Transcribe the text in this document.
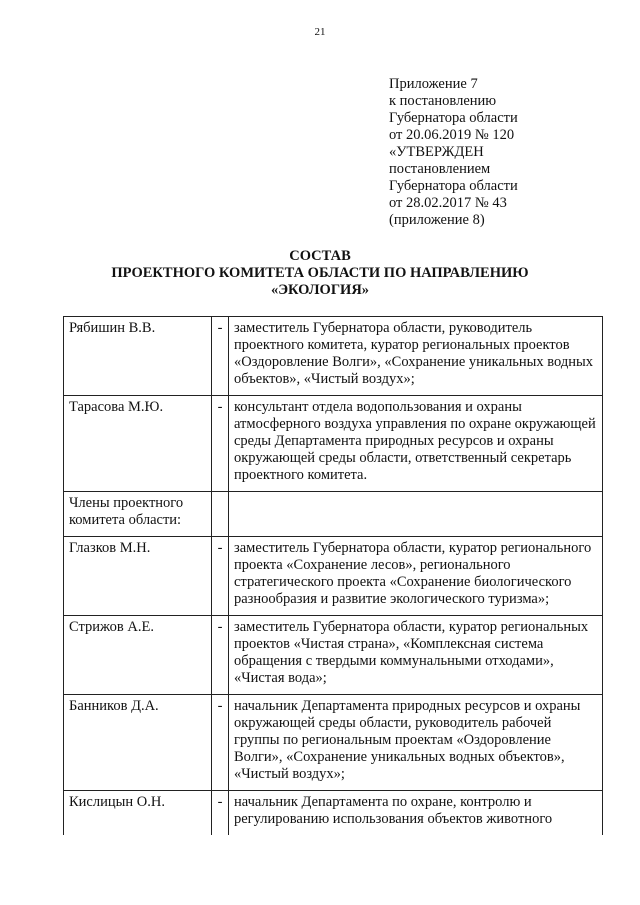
21
Приложение 7
к постановлению
Губернатора области
от 20.06.2019 № 120
«УТВЕРЖДЕН
постановлением
Губернатора области
от 28.02.2017 № 43
(приложение 8)
СОСТАВ
ПРОЕКТНОГО КОМИТЕТА ОБЛАСТИ ПО НАПРАВЛЕНИЮ
«ЭКОЛОГИЯ»
Рябишин В.В.	-	заместитель Губернатора области, руководитель проектного комитета, куратор региональных проектов «Оздоровление Волги», «Сохранение уникальных водных объектов», «Чистый воздух»;
Тарасова М.Ю.	-	консультант отдела водопользования и охраны атмосферного воздуха управления по охране окружающей среды Департамента природных ресурсов и охраны окружающей среды области, ответственный секретарь проектного комитета.
Члены проектного комитета области:		
Глазков М.Н.	-	заместитель Губернатора области, куратор регионального проекта «Сохранение лесов», регионального стратегического проекта «Сохранение биологического разнообразия и развитие экологического туризма»;
Стрижов А.Е.	-	заместитель Губернатора области, куратор региональных проектов «Чистая страна», «Комплексная система обращения с твердыми коммунальными отходами», «Чистая вода»;
Банников Д.А.	-	начальник Департамента природных ресурсов и охраны окружающей среды области, руководитель рабочей группы по региональным проектам «Оздоровление Волги», «Сохранение уникальных водных объектов», «Чистый воздух»;
Кислицын О.Н.	-	начальник Департамента по охране, контролю и регулированию использования объектов животного
